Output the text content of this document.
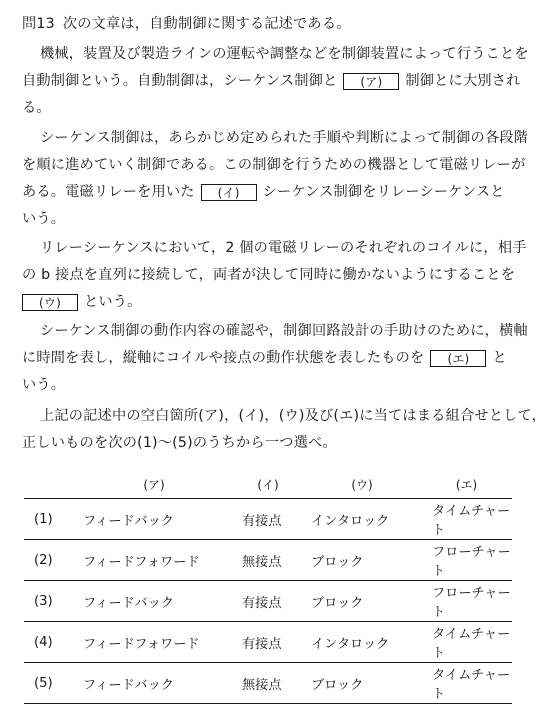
問13 次の文章は，自動制御に関する記述である。
機械，装置及び製造ラインの運転や調整などを制御装置によって行うことを
自動制御という。自動制御は，シーケンス制御と (ア) 制御とに大別され
る。
シーケンス制御は，あらかじめ定められた手順や判断によって制御の各段階
を順に進めていく制御である。この制御を行うための機器として電磁リレーが
ある。電磁リレーを用いた (イ) シーケンス制御をリレーシーケンスと
いう。
リレーシーケンスにおいて，2 個の電磁リレーのそれぞれのコイルに，相手
の b 接点を直列に接続して，両者が決して同時に働かないようにすることを
(ウ) という。
シーケンス制御の動作内容の確認や，制御回路設計の手助けのために，横軸
に時間を表し，縦軸にコイルや接点の動作状態を表したものを (エ) と
いう。
上記の記述中の空白箇所(ア)，(イ)，(ウ)及び(エ)に当てはまる組合せとして，
正しいものを次の(1)～(5)のうちから一つ選べ。
	(ア)	(イ)	(ウ)	(エ)
(1)	フィードバック	有接点	インタロック	タイムチャート
(2)	フィードフォワード	無接点	ブロック	フローチャート
(3)	フィードバック	有接点	ブロック	フローチャート
(4)	フィードフォワード	有接点	インタロック	タイムチャート
(5)	フィードバック	無接点	ブロック	タイムチャート
